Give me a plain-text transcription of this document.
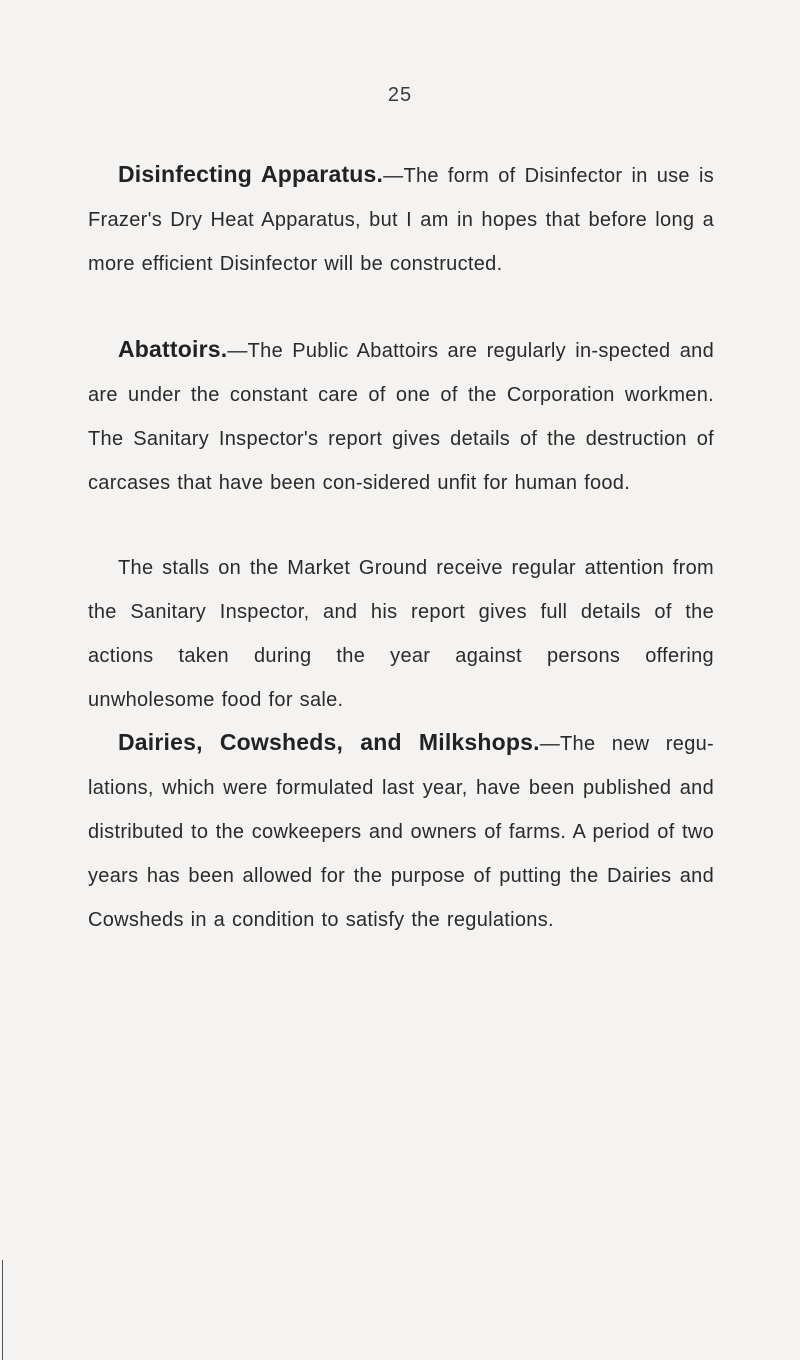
25
Disinfecting Apparatus.—The form of Disinfector in use is Frazer's Dry Heat Apparatus, but I am in hopes that before long a more efficient Disinfector will be constructed.
Abattoirs.—The Public Abattoirs are regularly in-spected and are under the constant care of one of the Corporation workmen. The Sanitary Inspector's report gives details of the destruction of carcases that have been con-sidered unfit for human food.
The stalls on the Market Ground receive regular attention from the Sanitary Inspector, and his report gives full details of the actions taken during the year against persons offering unwholesome food for sale.
Dairies, Cowsheds, and Milkshops.—The new regu-lations, which were formulated last year, have been published and distributed to the cowkeepers and owners of farms. A period of two years has been allowed for the purpose of putting the Dairies and Cowsheds in a condition to satisfy the regulations.
